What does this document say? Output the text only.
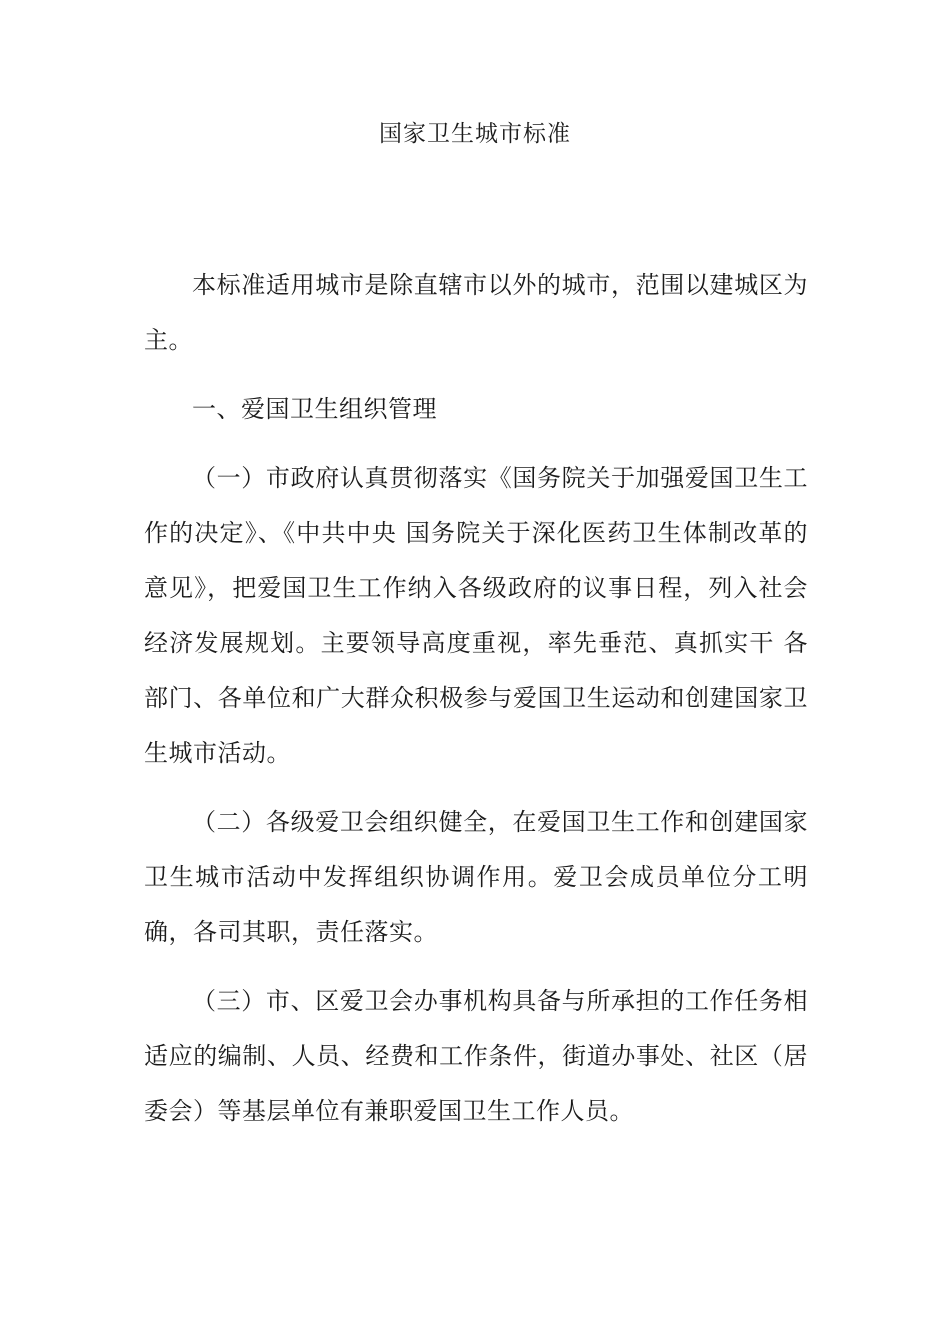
国家卫生城市标准

本标准适用城市是除直辖市以外的城市，范围以建城区为主。

一、爱国卫生组织管理

（一）市政府认真贯彻落实《国务院关于加强爱国卫生工作的决定》、《中共中央 国务院关于深化医药卫生体制改革的意见》，把爱国卫生工作纳入各级政府的议事日程，列入社会经济发展规划。主要领导高度重视，率先垂范、真抓实干 各部门、各单位和广大群众积极参与爱国卫生运动和创建国家卫生城市活动。

（二）各级爱卫会组织健全，在爱国卫生工作和创建国家卫生城市活动中发挥组织协调作用。爱卫会成员单位分工明确，各司其职，责任落实。

（三）市、区爱卫会办事机构具备与所承担的工作任务相适应的编制、人员、经费和工作条件，街道办事处、社区（居委会）等基层单位有兼职爱国卫生工作人员。
